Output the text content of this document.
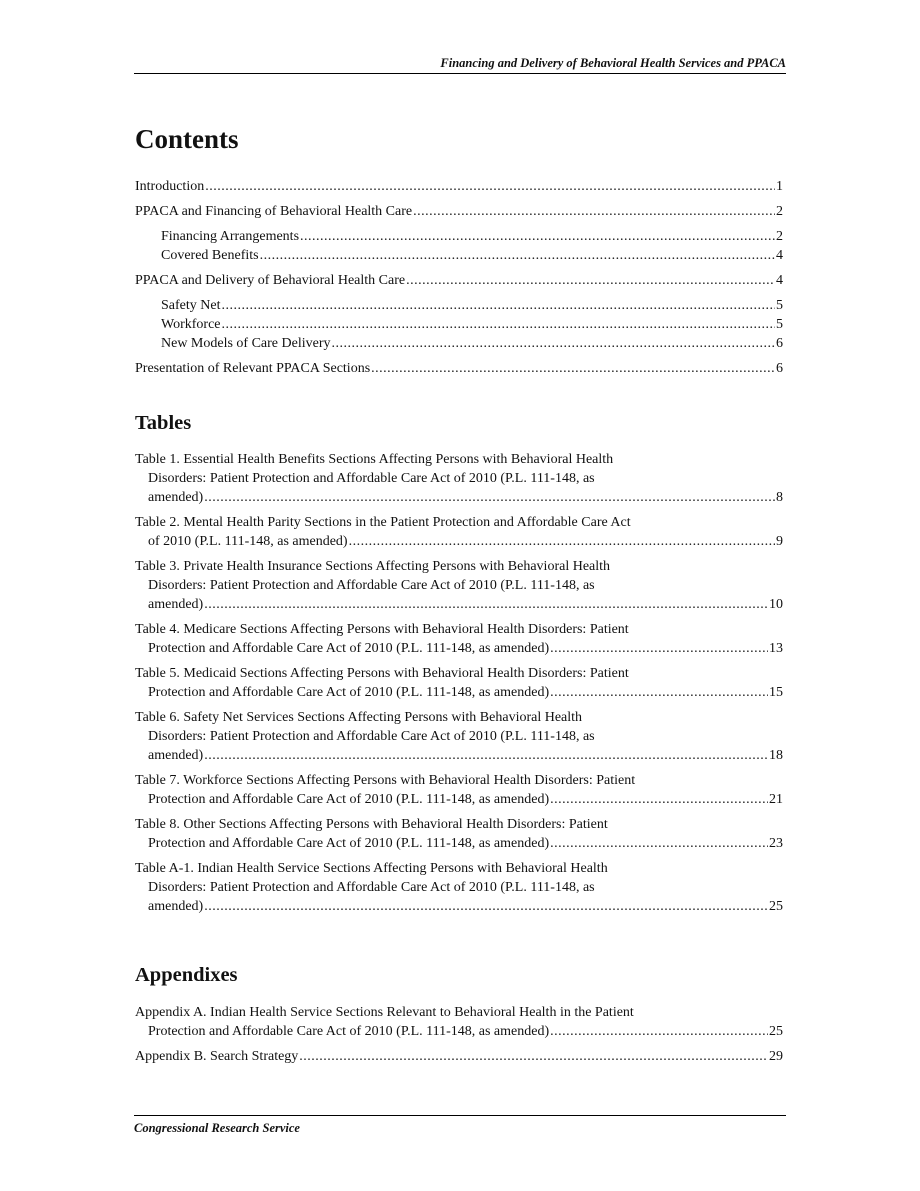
Financing and Delivery of Behavioral Health Services and PPACA
Contents
Introduction .....	1
PPACA and Financing of Behavioral Health Care .....	2
Financing Arrangements .....	2
Covered Benefits .....	4
PPACA and Delivery of Behavioral Health Care .....	4
Safety Net .....	5
Workforce .....	5
New Models of Care Delivery .....	6
Presentation of Relevant PPACA Sections .....	6
Tables
Table 1. Essential Health Benefits Sections Affecting Persons with Behavioral Health
Disorders: Patient Protection and Affordable Care Act of 2010 (P.L. 111-148, as
amended) .....	8
Table 2. Mental Health Parity Sections in the Patient Protection and Affordable Care Act
of 2010 (P.L. 111-148, as amended) .....	9
Table 3. Private Health Insurance Sections Affecting Persons with Behavioral Health
Disorders: Patient Protection and Affordable Care Act of 2010 (P.L. 111-148, as
amended) .....	10
Table 4. Medicare Sections Affecting Persons with Behavioral Health Disorders: Patient
Protection and Affordable Care Act of 2010 (P.L. 111-148, as amended) .....	13
Table 5. Medicaid Sections Affecting Persons with Behavioral Health Disorders: Patient
Protection and Affordable Care Act of 2010 (P.L. 111-148, as amended) .....	15
Table 6. Safety Net Services Sections Affecting Persons with Behavioral Health
Disorders: Patient Protection and Affordable Care Act of 2010 (P.L. 111-148, as
amended) .....	18
Table 7. Workforce Sections Affecting Persons with Behavioral Health Disorders: Patient
Protection and Affordable Care Act of 2010 (P.L. 111-148, as amended) .....	21
Table 8. Other Sections Affecting Persons with Behavioral Health Disorders: Patient
Protection and Affordable Care Act of 2010 (P.L. 111-148, as amended) .....	23
Table A-1. Indian Health Service Sections Affecting Persons with Behavioral Health
Disorders: Patient Protection and Affordable Care Act of 2010 (P.L. 111-148, as
amended) .....	25
Appendixes
Appendix A. Indian Health Service Sections Relevant to Behavioral Health in the Patient
Protection and Affordable Care Act of 2010 (P.L. 111-148, as amended) .....	25
Appendix B. Search Strategy .....	29
Congressional Research Service
